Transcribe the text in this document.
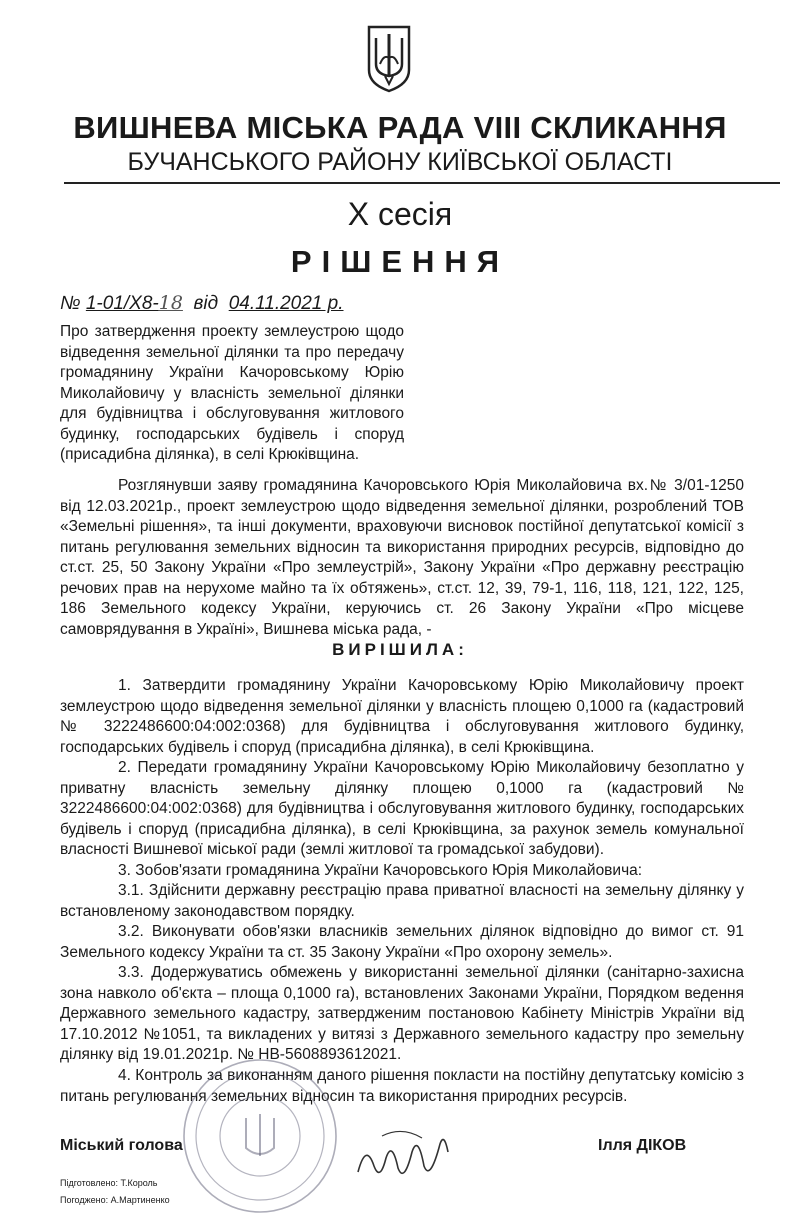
ВИШНЕВА МІСЬКА РАДА VIII СКЛИКАННЯ
БУЧАНСЬКОГО РАЙОНУ КИЇВСЬКОЇ ОБЛАСТІ
Х сесія
РІШЕННЯ
№ 1-01/Х8-18 від 04.11.2021 р.
Про затвердження проекту землеустрою щодо відведення земельної ділянки та про передачу громадянину України Качоровському Юрію Миколайовичу у власність земельної ділянки для будівництва і обслуговування житлового будинку, господарських будівель і споруд (присадибна ділянка), в селі Крюківщина.
Розглянувши заяву громадянина Качоровського Юрія Миколайовича вх.№ 3/01-1250 від 12.03.2021р., проект землеустрою щодо відведення земельної ділянки, розроблений ТОВ «Земельні рішення», та інші документи, враховуючи висновок постійної депутатської комісії з питань регулювання земельних відносин та використання природних ресурсів, відповідно до ст.ст. 25, 50 Закону України «Про землеустрій», Закону України «Про державну реєстрацію речових прав на нерухоме майно та їх обтяжень», ст.ст. 12, 39, 79-1, 116, 118, 121, 122, 125, 186 Земельного кодексу України, керуючись ст. 26 Закону України «Про місцеве самоврядування в Україні», Вишнева міська рада, -
ВИРІШИЛА:
1. Затвердити громадянину України Качоровському Юрію Миколайовичу проект землеустрою щодо відведення земельної ділянки у власність площею 0,1000 га (кадастровий № 3222486600:04:002:0368) для будівництва і обслуговування житлового будинку, господарських будівель і споруд (присадибна ділянка), в селі Крюківщина.
2. Передати громадянину України Качоровському Юрію Миколайовичу безоплатно у приватну власність земельну ділянку площею 0,1000 га (кадастровий № 3222486600:04:002:0368) для будівництва і обслуговування житлового будинку, господарських будівель і споруд (присадибна ділянка), в селі Крюківщина, за рахунок земель комунальної власності Вишневої міської ради (землі житлової та громадської забудови).
3. Зобов'язати громадянина України Качоровського Юрія Миколайовича:
3.1. Здійснити державну реєстрацію права приватної власності на земельну ділянку у встановленому законодавством порядку.
3.2. Виконувати обов'язки власників земельних ділянок відповідно до вимог ст. 91 Земельного кодексу України та ст. 35 Закону України «Про охорону земель».
3.3. Додержуватись обмежень у використанні земельної ділянки (санітарно-захисна зона навколо об'єкта – площа 0,1000 га), встановлених Законами України, Порядком ведення Державного земельного кадастру, затвердженим постановою Кабінету Міністрів України від 17.10.2012 №1051, та викладених у витязі з Державного земельного кадастру про земельну ділянку від 19.01.2021р. № НВ-5608893612021.
4. Контроль за виконанням даного рішення покласти на постійну депутатську комісію з питань регулювання земельних відносин та використання природних ресурсів.
Міський голова	Ілля ДІКОВ
Підготовлено: Т.Король
Погоджено: А.Мартиненко
